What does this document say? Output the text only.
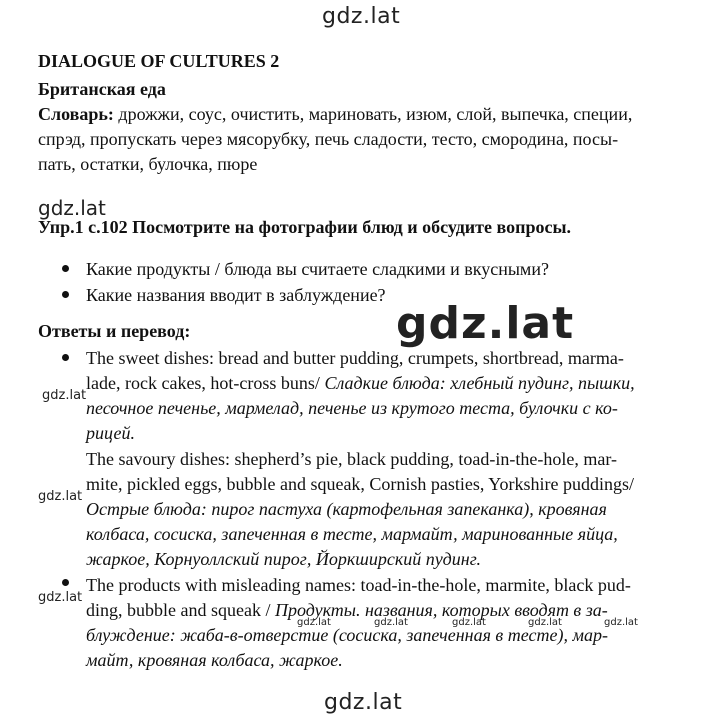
DIALOGUE OF CULTURES 2
Британская еда
Словарь: дрожжи, соус, очистить, мариновать, изюм, слой, выпечка, специи,
спрэд, пропускать через мясорубку, печь сладости, тесто, смородина, посы-
пать, остатки, булочка, пюре
Упр.1 с.102 Посмотрите на фотографии блюд и обсудите вопросы.
Какие продукты / блюда вы считаете сладкими и вкусными?
Какие названия вводит в заблуждение?
Ответы и перевод:
The sweet dishes: bread and butter pudding, crumpets, shortbread, marma-
lade, rock cakes, hot-cross buns/ Сладкие блюда: хлебный пудинг, пышки,
песочное печенье, мармелад, печенье из крутого теста, булочки с ко-
рицей.
The savoury dishes: shepherd’s pie, black pudding, toad-in-the-hole, mar-
mite, pickled eggs, bubble and squeak, Cornish pasties, Yorkshire puddings/
Острые блюда: пирог пастуха (картофельная запеканка), кровяная
колбаса, сосиска, запеченная в тесте, мармайт, маринованные яйца,
жаркое, Корнуоллский пирог, Йоркширский пудинг.
The products with misleading names: toad-in-the-hole, marmite, black pud-
ding, bubble and squeak / Продукты. названия, которых вводят в за-
блуждение: жаба-в-отверстие (сосиска, запеченная в тесте), мар-
майт, кровяная колбаса, жаркое.
gdz.lat
gdz.lat
gdz.lat
gdz.lat
gdz.lat
gdz.lat
gdz.lat	gdz.lat	gdz.lat	gdz.lat	gdz.lat
gdz.lat
